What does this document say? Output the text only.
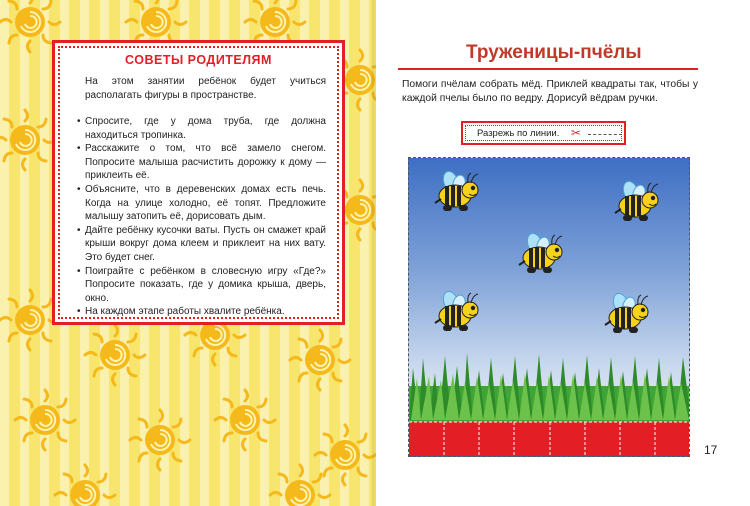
СОВЕТЫ РОДИТЕЛЯМ

На этом занятии ребёнок будет учиться располагать фигуры в пространстве.

• Спросите, где у дома труба, где должна находиться тропинка.
• Расскажите о том, что всё замело снегом. Попросите малыша расчистить дорожку к дому — приклеить её.
• Объясните, что в деревенских домах есть печь. Когда на улице холодно, её топят. Предложите малышу затопить её, дорисовать дым.
• Дайте ребёнку кусочки ваты. Пусть он смажет край крыши вокруг дома клеем и приклеит на них вату. Это будет снег.
• Поиграйте с ребёнком в словесную игру «Где?» Попросите показать, где у домика крыша, дверь, окно.
• На каждом этапе работы хвалите ребёнка.
Труженицы-пчёлы

Помоги пчёлам собрать мёд. Приклей квадраты так, чтобы у каждой пчелы было по ведру. Дорисуй вёдрам ручки.

Разрежь по линии. ✂
17
